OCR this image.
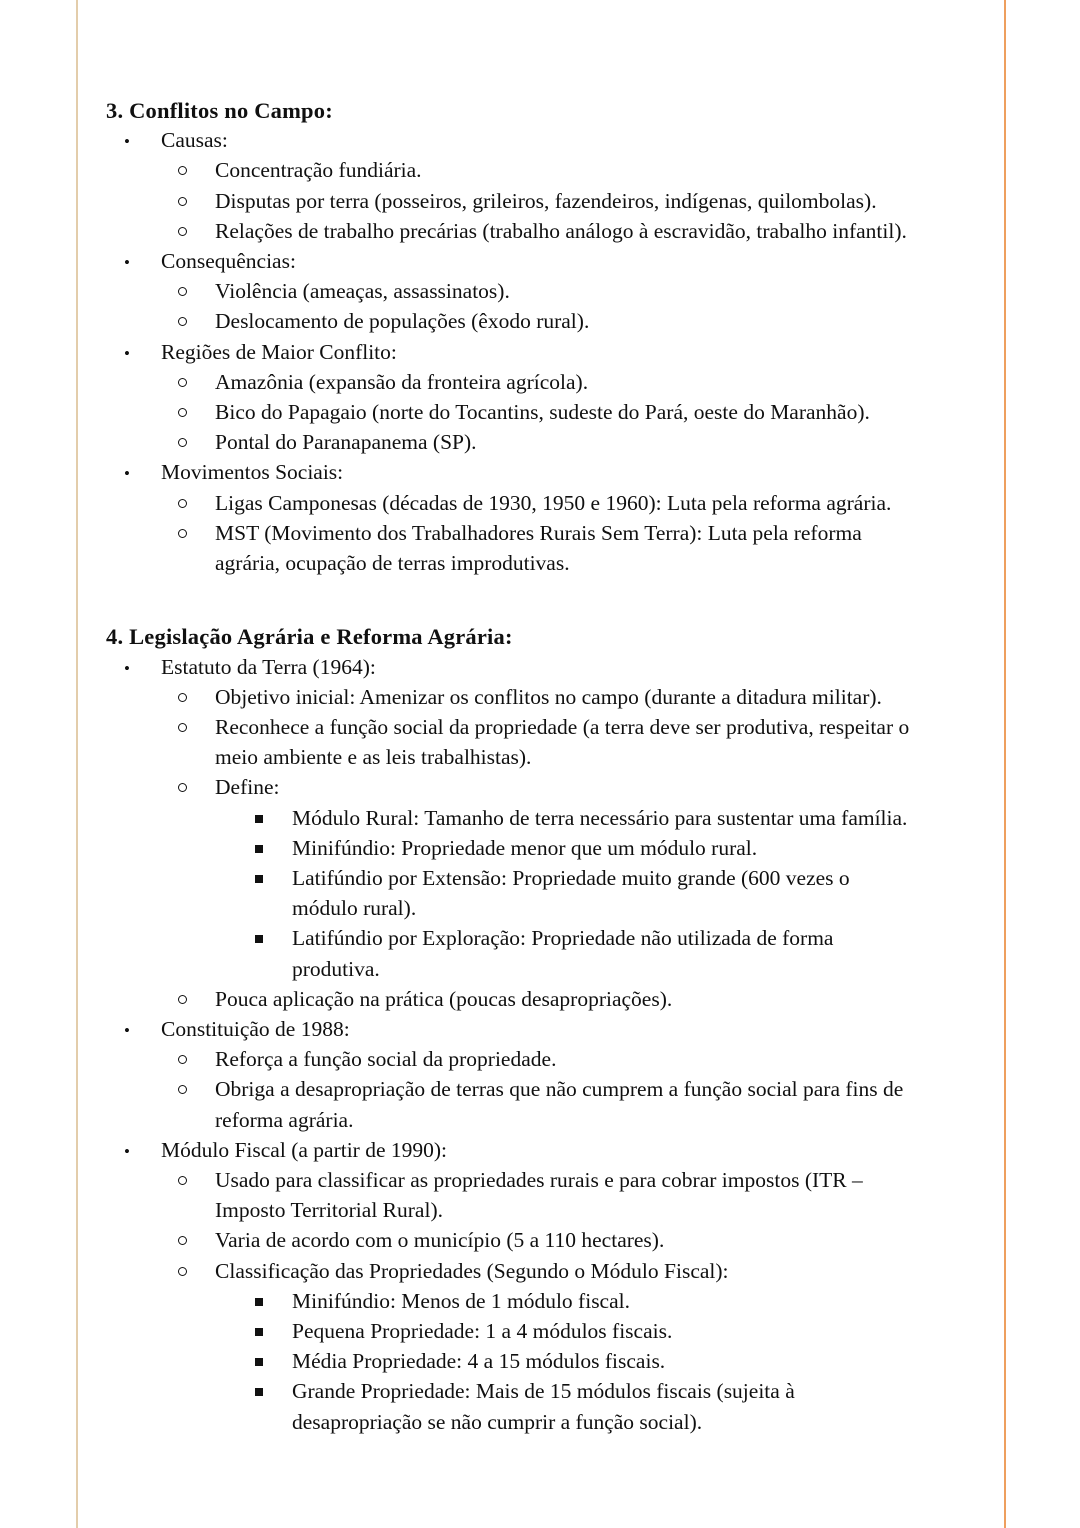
3. Conflitos no Campo:
•
Causas:
Concentração fundiária.
Disputas por terra (posseiros, grileiros, fazendeiros, indígenas, quilombolas).
Relações de trabalho precárias (trabalho análogo à escravidão, trabalho infantil).
•
Consequências:
Violência (ameaças, assassinatos).
Deslocamento de populações (êxodo rural).
•
Regiões de Maior Conflito:
Amazônia (expansão da fronteira agrícola).
Bico do Papagaio (norte do Tocantins, sudeste do Pará, oeste do Maranhão).
Pontal do Paranapanema (SP).
•
Movimentos Sociais:
Ligas Camponesas (décadas de 1930, 1950 e 1960): Luta pela reforma agrária.
MST (Movimento dos Trabalhadores Rurais Sem Terra): Luta pela reforma agrária, ocupação de terras improdutivas.
4. Legislação Agrária e Reforma Agrária:
•
Estatuto da Terra (1964):
Objetivo inicial: Amenizar os conflitos no campo (durante a ditadura militar).
Reconhece a função social da propriedade (a terra deve ser produtiva, respeitar o meio ambiente e as leis trabalhistas).
Define:
Módulo Rural: Tamanho de terra necessário para sustentar uma família.
Minifúndio: Propriedade menor que um módulo rural.
Latifúndio por Extensão: Propriedade muito grande (600 vezes o módulo rural).
Latifúndio por Exploração: Propriedade não utilizada de forma produtiva.
Pouca aplicação na prática (poucas desapropriações).
•
Constituição de 1988:
Reforça a função social da propriedade.
Obriga a desapropriação de terras que não cumprem a função social para fins de reforma agrária.
•
Módulo Fiscal (a partir de 1990):
Usado para classificar as propriedades rurais e para cobrar impostos (ITR – Imposto Territorial Rural).
Varia de acordo com o município (5 a 110 hectares).
Classificação das Propriedades (Segundo o Módulo Fiscal):
Minifúndio: Menos de 1 módulo fiscal.
Pequena Propriedade: 1 a 4 módulos fiscais.
Média Propriedade: 4 a 15 módulos fiscais.
Grande Propriedade: Mais de 15 módulos fiscais (sujeita à desapropriação se não cumprir a função social).
